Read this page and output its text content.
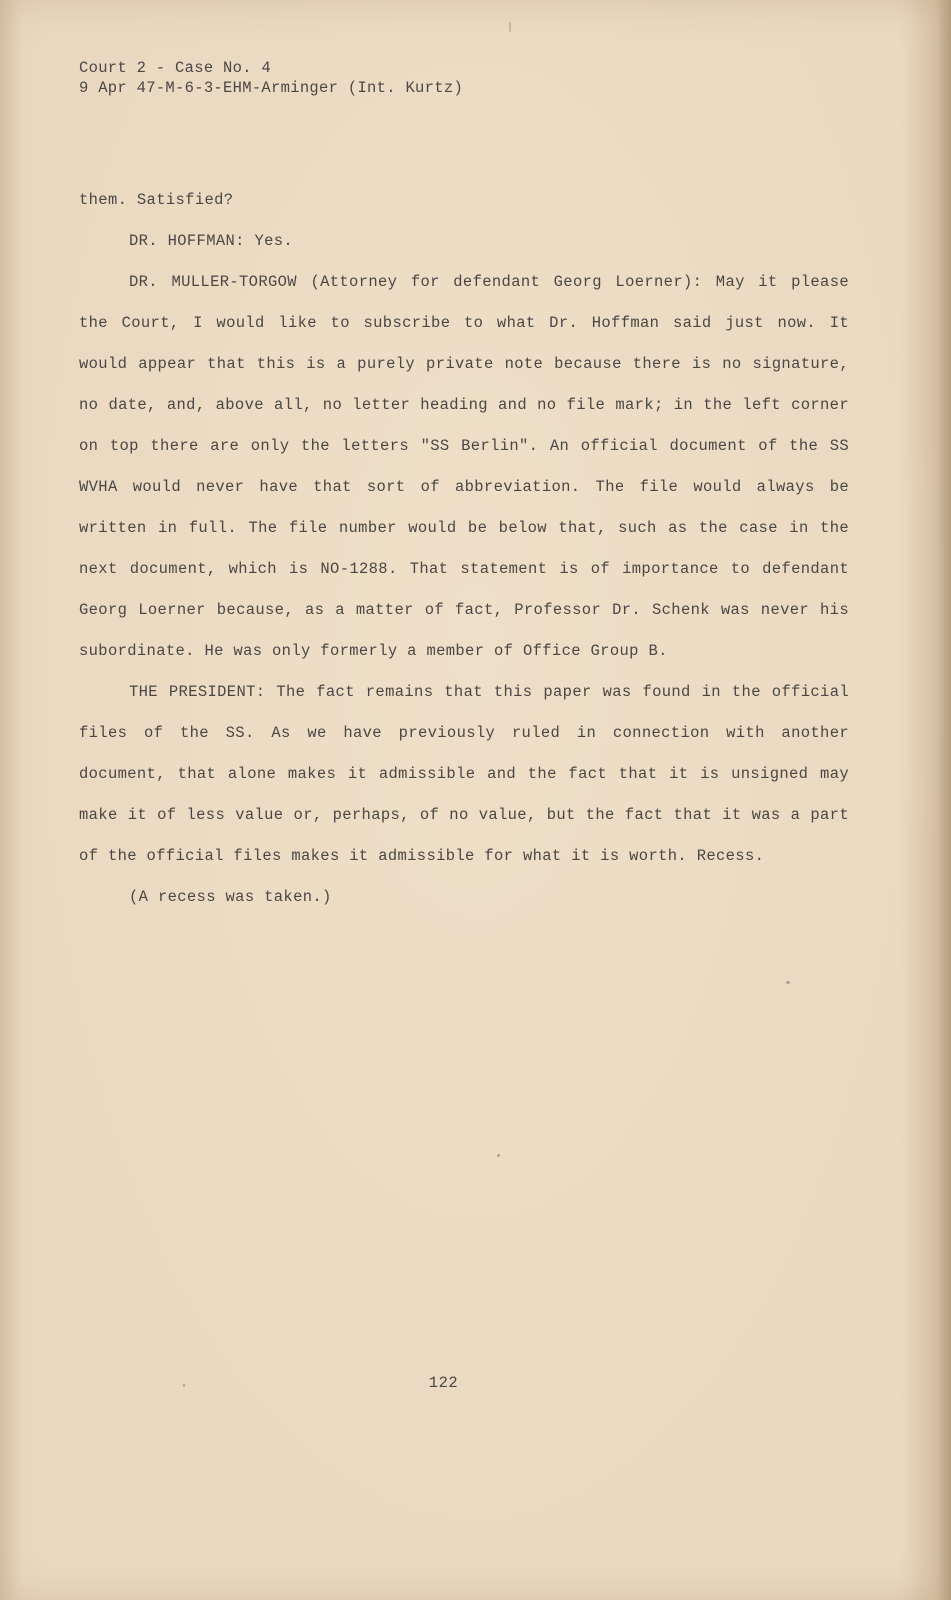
Court 2 - Case No. 4
9 Apr 47-M-6-3-EHM-Arminger (Int. Kurtz)

them. Satisfied?

DR. HOFFMAN: Yes.

DR. MULLER-TORGOW (Attorney for defendant Georg Loerner): May it please the Court, I would like to subscribe to what Dr. Hoffman said just now. It would appear that this is a purely private note because there is no signature, no date, and, above all, no letter heading and no file mark; in the left corner on top there are only the letters "SS Berlin". An official document of the SS WVHA would never have that sort of abbreviation. The file would always be written in full. The file number would be below that, such as the case in the next document, which is NO-1288. That statement is of importance to defendant Georg Loerner because, as a matter of fact, Professor Dr. Schenk was never his subordinate. He was only formerly a member of Office Group B.

THE PRESIDENT: The fact remains that this paper was found in the official files of the SS. As we have previously ruled in connection with another document, that alone makes it admissible and the fact that it is unsigned may make it of less value or, perhaps, of no value, but the fact that it was a part of the official files makes it admissible for what it is worth. Recess.

(A recess was taken.)

122
